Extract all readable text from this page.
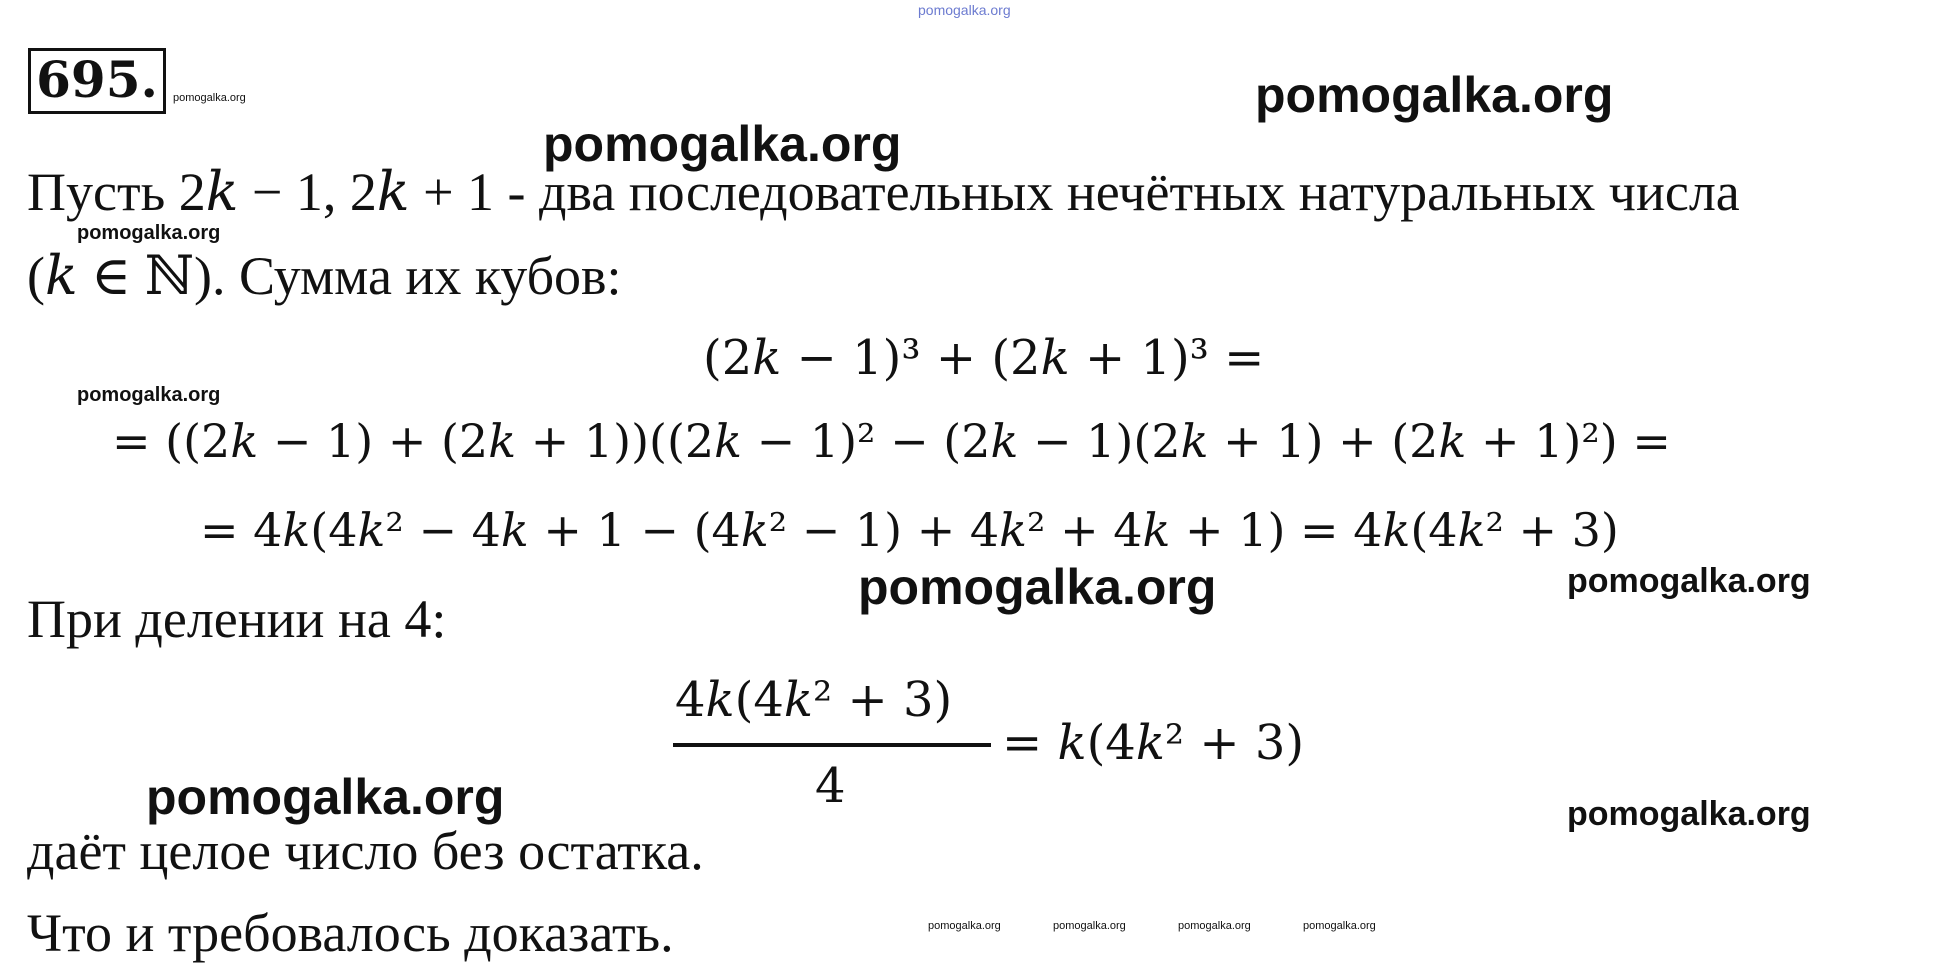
pomogalka.org
695.	pomogalka.org	pomogalka.org
pomogalka.org
Пусть 2𝑘 − 1, 2𝑘 + 1 - два последовательных нечётных натуральных числа
pomogalka.org
(𝑘 ∈ ℕ). Сумма их кубов:
(2𝑘 − 1)³ + (2𝑘 + 1)³ =
pomogalka.org
= ((2𝑘 − 1) + (2𝑘 + 1))((2𝑘 − 1)² − (2𝑘 − 1)(2𝑘 + 1) + (2𝑘 + 1)²) =
= 4𝑘(4𝑘² − 4𝑘 + 1 − (4𝑘² − 1) + 4𝑘² + 4𝑘 + 1) = 4𝑘(4𝑘² + 3)
pomogalka.org	pomogalka.org
При делении на 4:
4𝑘(4𝑘² + 3)
4
= 𝑘(4𝑘² + 3)
pomogalka.org	pomogalka.org
даёт целое число без остатка.
Что и требовалось доказать.	pomogalka.org	pomogalka.org	pomogalka.org	pomogalka.org
